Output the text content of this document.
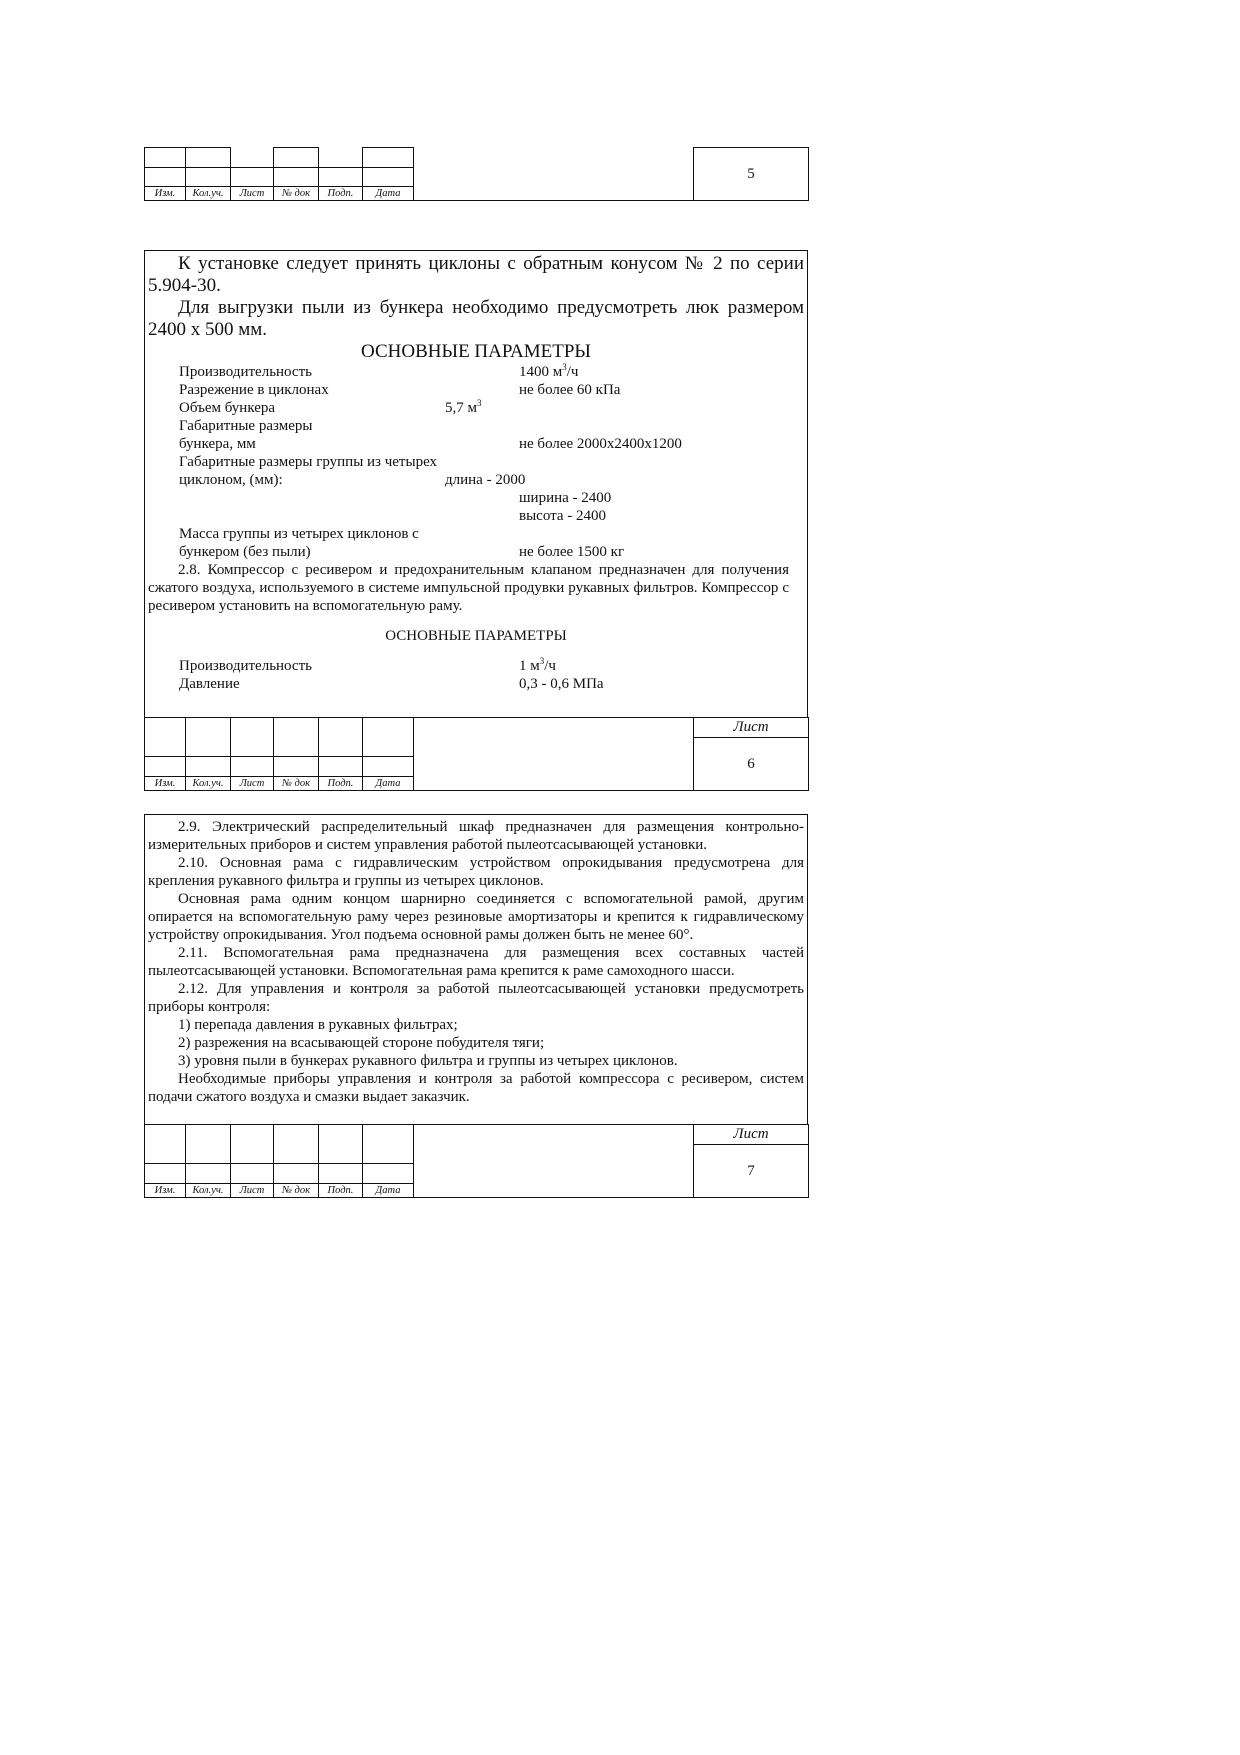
							5

Изм.	Кол.уч.	Лист	№ док	Подп.	Дата		

К установке следует принять циклоны с обратным конусом № 2 по серии 5.904-30.

Для выгрузки пыли из бункера необходимо предусмотреть люк размером 2400 х 500 мм.

ОСНОВНЫЕ ПАРАМЕТРЫ

Производительность	1400 $м^3/ч$
Разрежение в циклонах	не более 60 кПа
Объем бункера	5,7 $м^3$
Габаритные размеры
бункера, мм	не более 2000x2400x1200
Габаритные размеры группы из четырех
циклоном, (мм):	длина - 2000
ширина - 2400
высота - 2400
Масса группы из четырех циклонов с
бункером (без пыли)	не более 1500 кг

2.8. Компрессор с ресивером и предохранительным клапаном предназначен для получения сжатого воздуха, используемого в системе импульсной продувки рукавных фильтров. Компрессор с ресивером установить на вспомогательную раму.

ОСНОВНЫЕ ПАРАМЕТРЫ

Производительность	1 $м^3/ч$
Давление	0,3 - 0,6 МПа
							Лист
							6

Изм.	Кол.уч.	Лист	№ док	Подп.	Дата		

2.9. Электрический распределительный шкаф предназначен для размещения контрольно-измерительных приборов и систем управления работой пылеотсасывающей установки.

2.10. Основная рама с гидравлическим устройством опрокидывания предусмотрена для крепления рукавного фильтра и группы из четырех циклонов.

Основная рама одним концом шарнирно соединяется с вспомогательной рамой, другим опирается на вспомогательную раму через резиновые амортизаторы и крепится к гидравлическому устройству опрокидывания. Угол подъема основной рамы должен быть не менее 60°.

2.11. Вспомогательная рама предназначена для размещения всех составных частей пылеотсасывающей установки. Вспомогательная рама крепится к раме самоходного шасси.

2.12. Для управления и контроля за работой пылеотсасывающей установки предусмотреть приборы контроля:

1) перепада давления в рукавных фильтрах;

2) разрежения на всасывающей стороне побудителя тяги;

3) уровня пыли в бункерах рукавного фильтра и группы из четырех циклонов.

Необходимые приборы управления и контроля за работой компрессора с ресивером, систем подачи сжатого воздуха и смазки выдает заказчик.

							Лист
							7

Изм.	Кол.уч.	Лист	№ док	Подп.	Дата		
